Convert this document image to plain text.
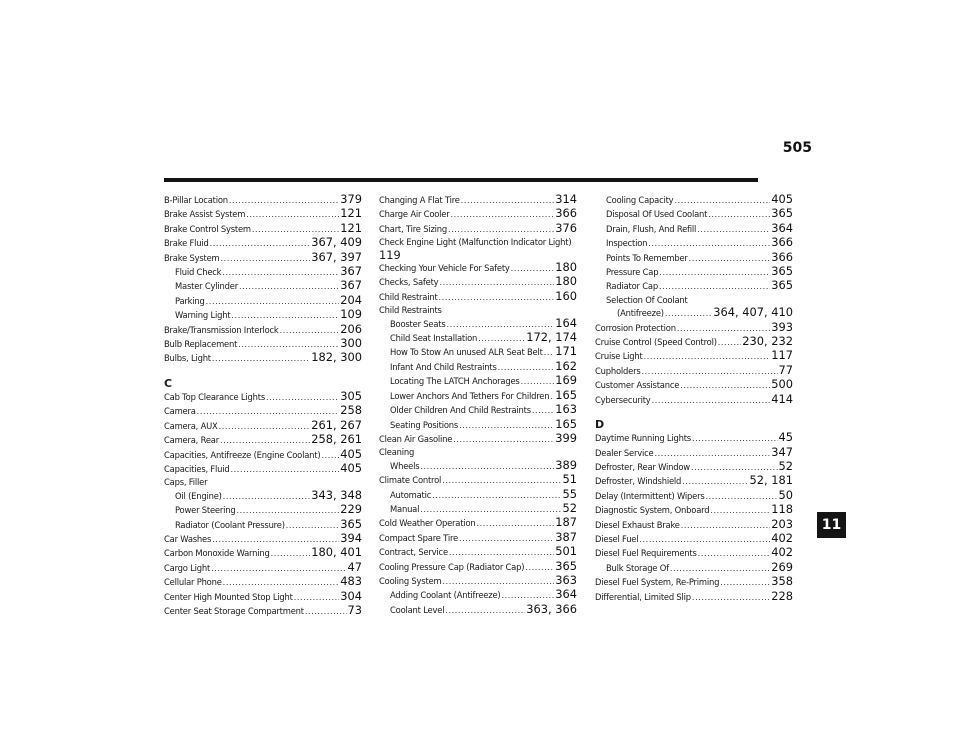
505
11
B-Pillar Location .....	379
Brake Assist System .....	121
Brake Control System .....	121
Brake Fluid .....	367, 409
Brake System .....	367, 397
Fluid Check .....	367
Master Cylinder .....	367
Parking .....	204
Warning Light .....	109
Brake/Transmission Interlock .....	206
Bulb Replacement .....	300
Bulbs, Light .....	182, 300
C
Cab Top Clearance Lights .....	305
Camera .....	258
Camera, AUX .....	261, 267
Camera, Rear .....	258, 261
Capacities, Antifreeze (Engine Coolant) ..... 405
Capacities, Fluid .....	405
Caps, Filler
Oil (Engine) .....	343, 348
Power Steering .....	229
Radiator (Coolant Pressure) .....	365
Car Washes .....	394
Carbon Monoxide Warning .....	180, 401
Cargo Light .....	47
Cellular Phone .....	483
Center High Mounted Stop Light .....	304
Center Seat Storage Compartment .....	73
Changing A Flat Tire .....	314
Charge Air Cooler .....	366
Chart, Tire Sizing .....	376
Check Engine Light (Malfunction Indicator Light)
119
Checking Your Vehicle For Safety .....	180
Checks, Safety .....	180
Child Restraint .....	160
Child Restraints
Booster Seats .....	164
Child Seat Installation .....	172, 174
How To Stow An unused ALR Seat Belt ..... 171
Infant And Child Restraints .....	162
Locating The LATCH Anchorages .....	169
Lower Anchors And Tethers For Children ..... 165
Older Children And Child Restraints ..... 163
Seating Positions .....	165
Clean Air Gasoline .....	399
Cleaning
Wheels .....	389
Climate Control .....	51
Automatic .....	55
Manual .....	52
Cold Weather Operation .....	187
Compact Spare Tire .....	387
Contract, Service .....	501
Cooling Pressure Cap (Radiator Cap) .....	365
Cooling System .....	363
Adding Coolant (Antifreeze) .....	364
Coolant Level .....	363, 366
Cooling Capacity .....	405
Disposal Of Used Coolant .....	365
Drain, Flush, And Refill .....	364
Inspection .....	366
Points To Remember .....	366
Pressure Cap .....	365
Radiator Cap .....	365
Selection Of Coolant
(Antifreeze) .....	364, 407, 410
Corrosion Protection .....	393
Cruise Control (Speed Control) ..... 230, 232
Cruise Light .....	117
Cupholders .....	77
Customer Assistance .....	500
Cybersecurity .....	414
D
Daytime Running Lights .....	45
Dealer Service .....	347
Defroster, Rear Window .....	52
Defroster, Windshield .....	52, 181
Delay (Intermittent) Wipers .....	50
Diagnostic System, Onboard .....	118
Diesel Exhaust Brake .....	203
Diesel Fuel .....	402
Diesel Fuel Requirements .....	402
Bulk Storage Of .....	269
Diesel Fuel System, Re-Priming .....	358
Differential, Limited Slip .....	228
